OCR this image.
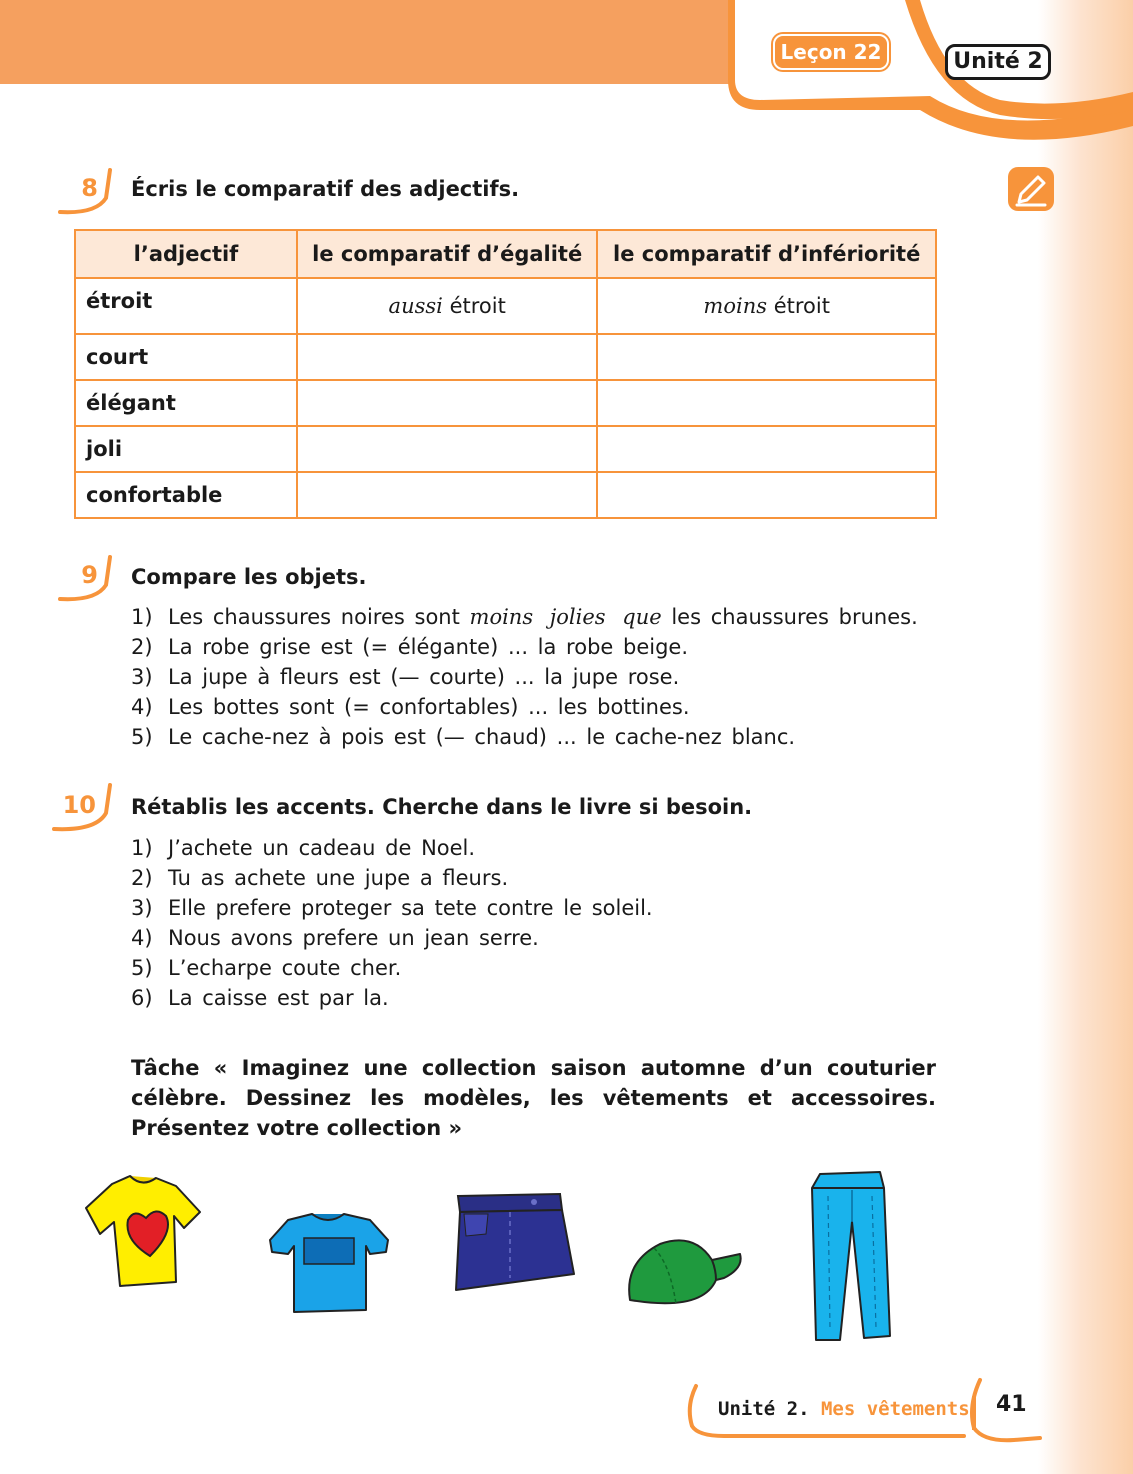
Leçon 22	Unité 2
8 Écris le comparatif des adjectifs.
l’adjectif	le comparatif d’égalité	le comparatif d’infériorité
étroit	aussi étroit	moins étroit
court		
élégant		
joli		
confortable		
9 Compare les objets.
1) Les chaussures noires sont moins jolies que les chaussures brunes.
2) La robe grise est (= élégante) ... la robe beige.
3) La jupe à fleurs est (— courte) ... la jupe rose.
4) Les bottes sont (= confortables) ... les bottines.
5) Le cache-nez à pois est (— chaud) ... le cache-nez blanc.
10 Rétablis les accents. Cherche dans le livre si besoin.
1) J’achete un cadeau de Noel.
2) Tu as achete une jupe a fleurs.
3) Elle prefere proteger sa tete contre le soleil.
4) Nous avons prefere un jean serre.
5) L’echarpe coute cher.
6) La caisse est par la.
Tâche « Imaginez une collection saison automne d’un couturier célèbre. Dessinez les modèles, les vêtements et accessoires. Présentez votre collection »
Unité 2. Mes vêtements 41
